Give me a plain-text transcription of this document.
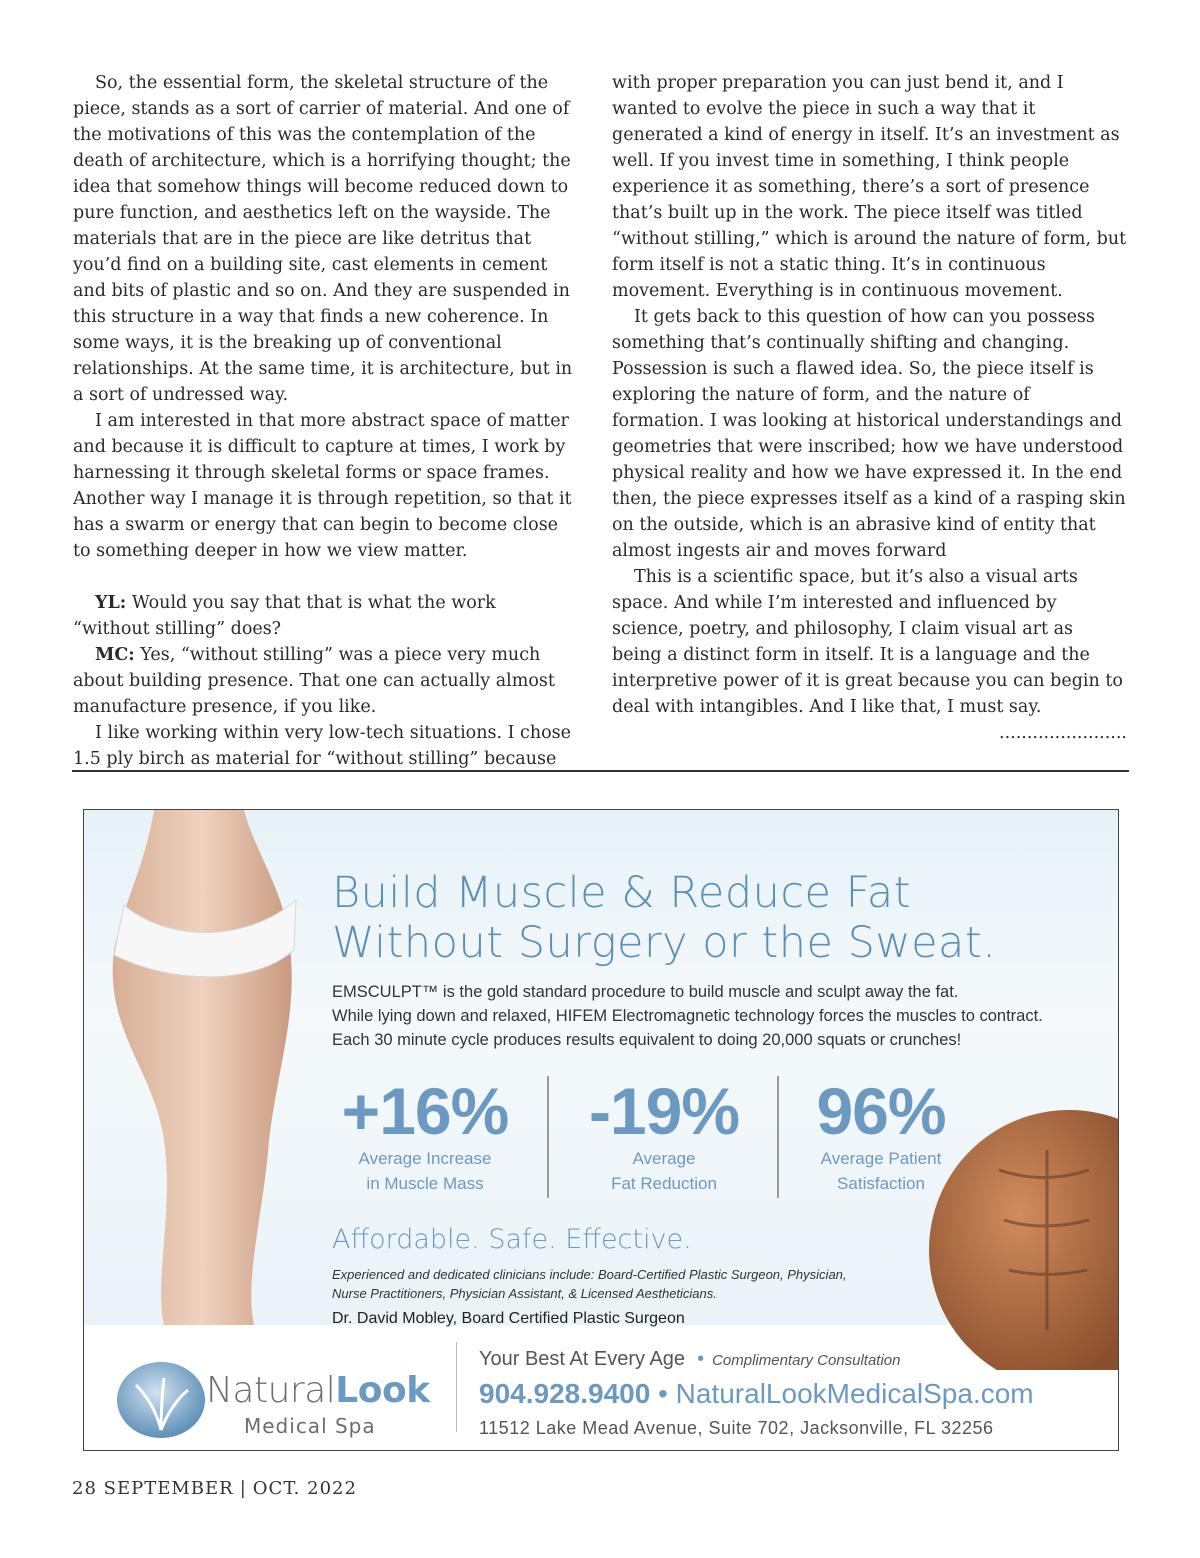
So, the essential form, the skeletal structure of the piece, stands as a sort of carrier of material. And one of the motivations of this was the contemplation of the death of architecture, which is a horrifying thought; the idea that somehow things will become reduced down to pure function, and aesthetics left on the wayside. The materials that are in the piece are like detritus that you’d find on a building site, cast elements in cement and bits of plastic and so on. And they are suspended in this structure in a way that finds a new coherence. In some ways, it is the breaking up of conventional relationships. At the same time, it is architecture, but in a sort of undressed way.

I am interested in that more abstract space of matter and because it is difficult to capture at times, I work by harnessing it through skeletal forms or space frames. Another way I manage it is through repetition, so that it has a swarm or energy that can begin to become close to something deeper in how we view matter.

YL: Would you say that that is what the work “without stilling” does?

MC: Yes, “without stilling” was a piece very much about building presence. That one can actually almost manufacture presence, if you like.

I like working within very low-tech situations. I chose 1.5 ply birch as material for “without stilling” because

with proper preparation you can just bend it, and I wanted to evolve the piece in such a way that it generated a kind of energy in itself. It’s an investment as well. If you invest time in something, I think people experience it as something, there’s a sort of presence that’s built up in the work. The piece itself was titled “without stilling,” which is around the nature of form, but form itself is not a static thing. It’s in continuous movement. Everything is in continuous movement.

It gets back to this question of how can you possess something that’s continually shifting and changing. Possession is such a flawed idea. So, the piece itself is exploring the nature of form, and the nature of formation. I was looking at historical understandings and geometries that were inscribed; how we have understood physical reality and how we have expressed it. In the end then, the piece expresses itself as a kind of a rasping skin on the outside, which is an abrasive kind of entity that almost ingests air and moves forward

This is a scientific space, but it’s also a visual arts space. And while I’m interested and influenced by science, poetry, and philosophy, I claim visual art as being a distinct form in itself. It is a language and the interpretive power of it is great because you can begin to deal with intangibles. And I like that, I must say.
.......................

Build Muscle & Reduce Fat
Without Surgery or the Sweat.
EMSCULPT™ is the gold standard procedure to build muscle and sculpt away the fat.
While lying down and relaxed, HIFEM Electromagnetic technology forces the muscles to contract.
Each 30 minute cycle produces results equivalent to doing 20,000 squats or crunches!
+16%
Average Increase
in Muscle Mass
-19%
Average
Fat Reduction
96%
Average Patient
Satisfaction
Affordable. Safe. Effective.
Experienced and dedicated clinicians include: Board-Certified Plastic Surgeon, Physician,
Nurse Practitioners, Physician Assistant, & Licensed Aestheticians.
Dr. David Mobley, Board Certified Plastic Surgeon
NaturalLook
Medical Spa
Your Best At Every Age • Complimentary Consultation
904.928.9400 • NaturalLookMedicalSpa.com
11512 Lake Mead Avenue, Suite 702, Jacksonville, FL 32256
28 SEPTEMBER | OCT. 2022
